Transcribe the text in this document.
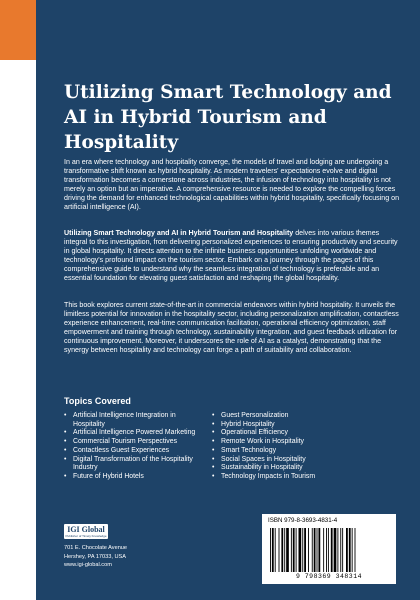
Utilizing Smart Technology and AI in Hybrid Tourism and Hospitality

In an era where technology and hospitality converge, the models of travel and lodging are undergoing a transformative shift known as hybrid hospitality. As modern travelers' expectations evolve and digital transformation becomes a cornerstone across industries, the infusion of technology into hospitality is not merely an option but an imperative. A comprehensive resource is needed to explore the compelling forces driving the demand for enhanced technological capabilities within hybrid hospitality, specifically focusing on artificial intelligence (AI).

Utilizing Smart Technology and AI in Hybrid Tourism and Hospitality delves into various themes integral to this investigation, from delivering personalized experiences to ensuring productivity and security in global hospitality. It directs attention to the infinite business opportunities unfolding worldwide and technology's profound impact on the tourism sector. Embark on a journey through the pages of this comprehensive guide to understand why the seamless integration of technology is preferable and an essential foundation for elevating guest satisfaction and reshaping the global hospitality.

This book explores current state-of-the-art in commercial endeavors within hybrid hospitality. It unveils the limitless potential for innovation in the hospitality sector, including personalization amplification, contactless experience enhancement, real-time communication facilitation, operational efficiency optimization, staff empowerment and training through technology, sustainability integration, and guest feedback utilization for continuous improvement. Moreover, it underscores the role of AI as a catalyst, demonstrating that the synergy between hospitality and technology can forge a path of suitability and collaboration.

Topics Covered
• Artificial Intelligence Integration in Hospitality
• Artificial Intelligence Powered Marketing
• Commercial Tourism Perspectives
• Contactless Guest Experiences
• Digital Transformation of the Hospitality Industry
• Future of Hybrid Hotels
• Guest Personalization
• Hybrid Hospitality
• Operational Efficiency
• Remote Work in Hospitality
• Smart Technology
• Social Spaces in Hospitality
• Sustainability in Hospitality
• Technology Impacts in Tourism
IGI Global
Publisher of Timely Knowledge

701 E. Chocolate Avenue
Hershey, PA 17033, USA
www.igi-global.com

ISBN 979-8-3693-4831-4
9 798369 348314
